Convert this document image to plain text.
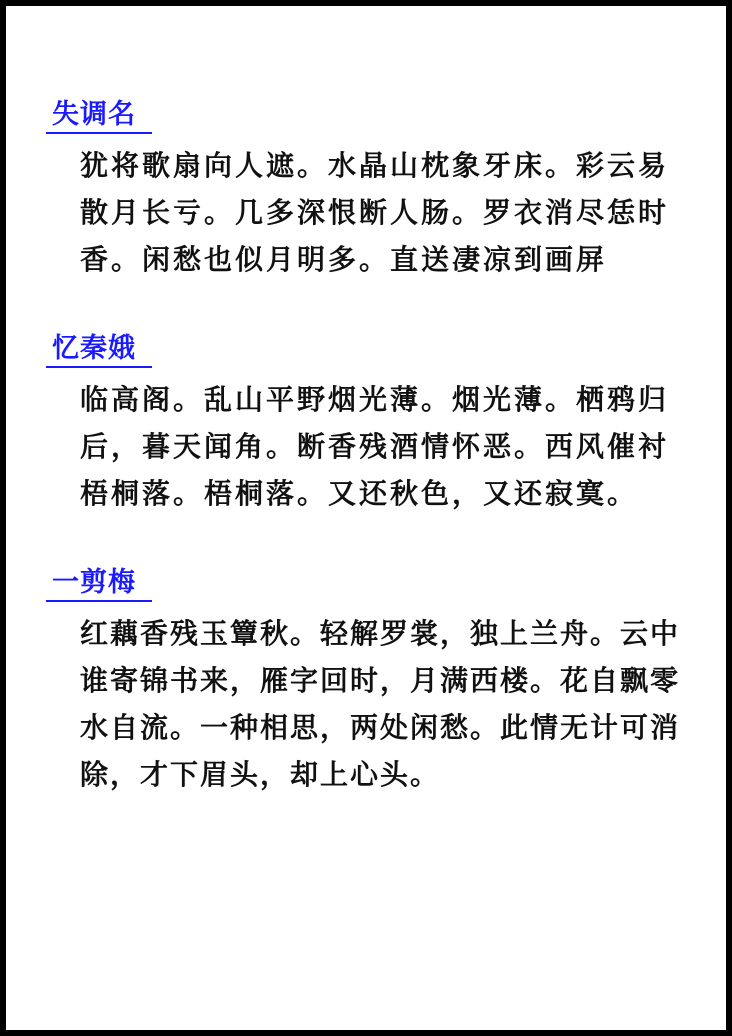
失调名
犹将歌扇向人遮。水晶山枕象牙床。彩云易散月长亏。几多深恨断人肠。罗衣消尽恁时香。闲愁也似月明多。直送凄凉到画屏
忆秦娥
临高阁。乱山平野烟光薄。烟光薄。栖鸦归后，暮天闻角。断香残酒情怀恶。西风催衬梧桐落。梧桐落。又还秋色，又还寂寞。
一剪梅
红藕香残玉簟秋。轻解罗裳，独上兰舟。云中谁寄锦书来，雁字回时，月满西楼。花自飘零水自流。一种相思，两处闲愁。此情无计可消除，才下眉头，却上心头。
